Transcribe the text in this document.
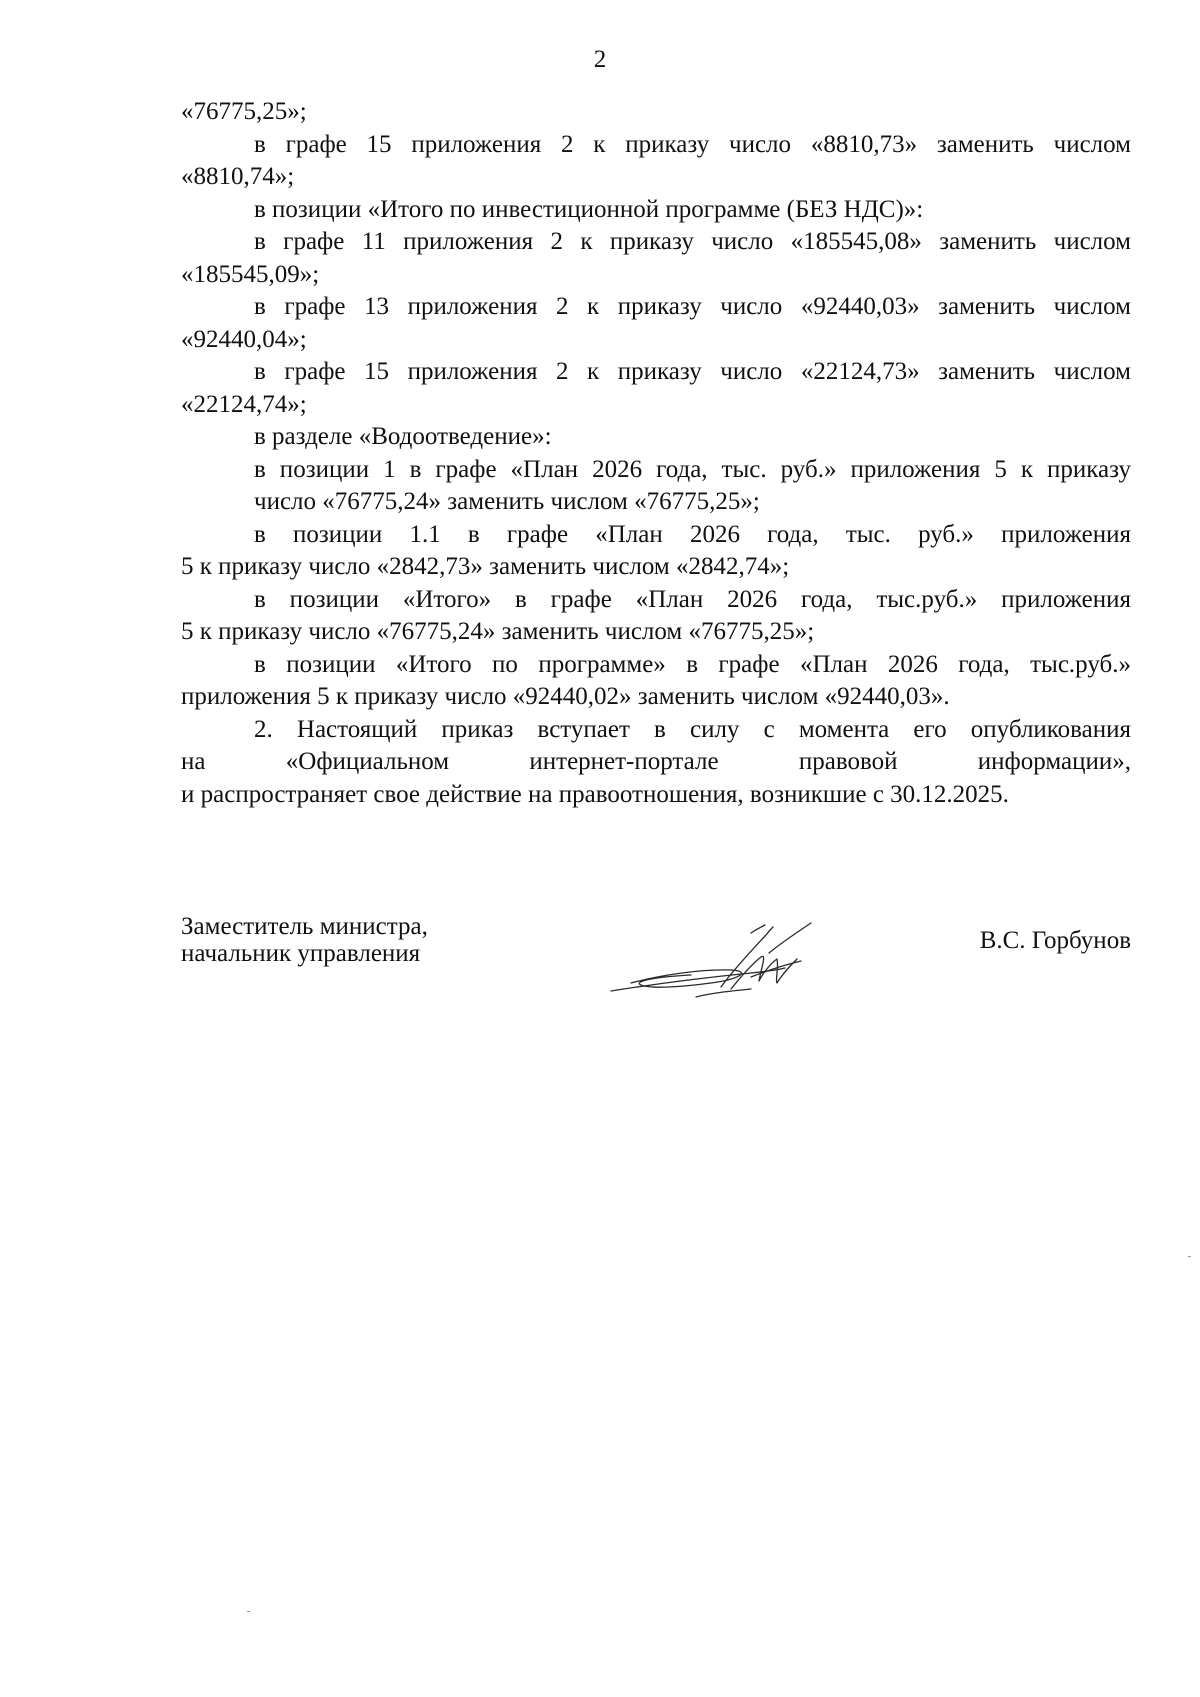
2
«76775,25»;
в графе 15 приложения 2 к приказу число «8810,73» заменить числом
«8810,74»;
в позиции «Итого по инвестиционной программе (БЕЗ НДС)»:
в графе 11 приложения 2 к приказу число «185545,08» заменить числом
«185545,09»;
в графе 13 приложения 2 к приказу число «92440,03» заменить числом
«92440,04»;
в графе 15 приложения 2 к приказу число «22124,73» заменить числом
«22124,74»;
в разделе «Водоотведение»:
в позиции 1 в графе «План 2026 года, тыс. руб.» приложения 5 к приказу
число «76775,24» заменить числом «76775,25»;
в позиции 1.1 в графе «План 2026 года, тыс. руб.» приложения
5 к приказу число «2842,73» заменить числом «2842,74»;
в позиции «Итого» в графе «План 2026 года, тыс.руб.» приложения
5 к приказу число «76775,24» заменить числом «76775,25»;
в позиции «Итого по программе» в графе «План 2026 года, тыс.руб.»
приложения 5 к приказу число «92440,02» заменить числом «92440,03».
2. Настоящий приказ вступает в силу с момента его опубликования
на «Официальном интернет-портале правовой информации»,
и распространяет свое действие на правоотношения, возникшие с 30.12.2025.
Заместитель министра,
начальник управления	В.С. Горбунов
